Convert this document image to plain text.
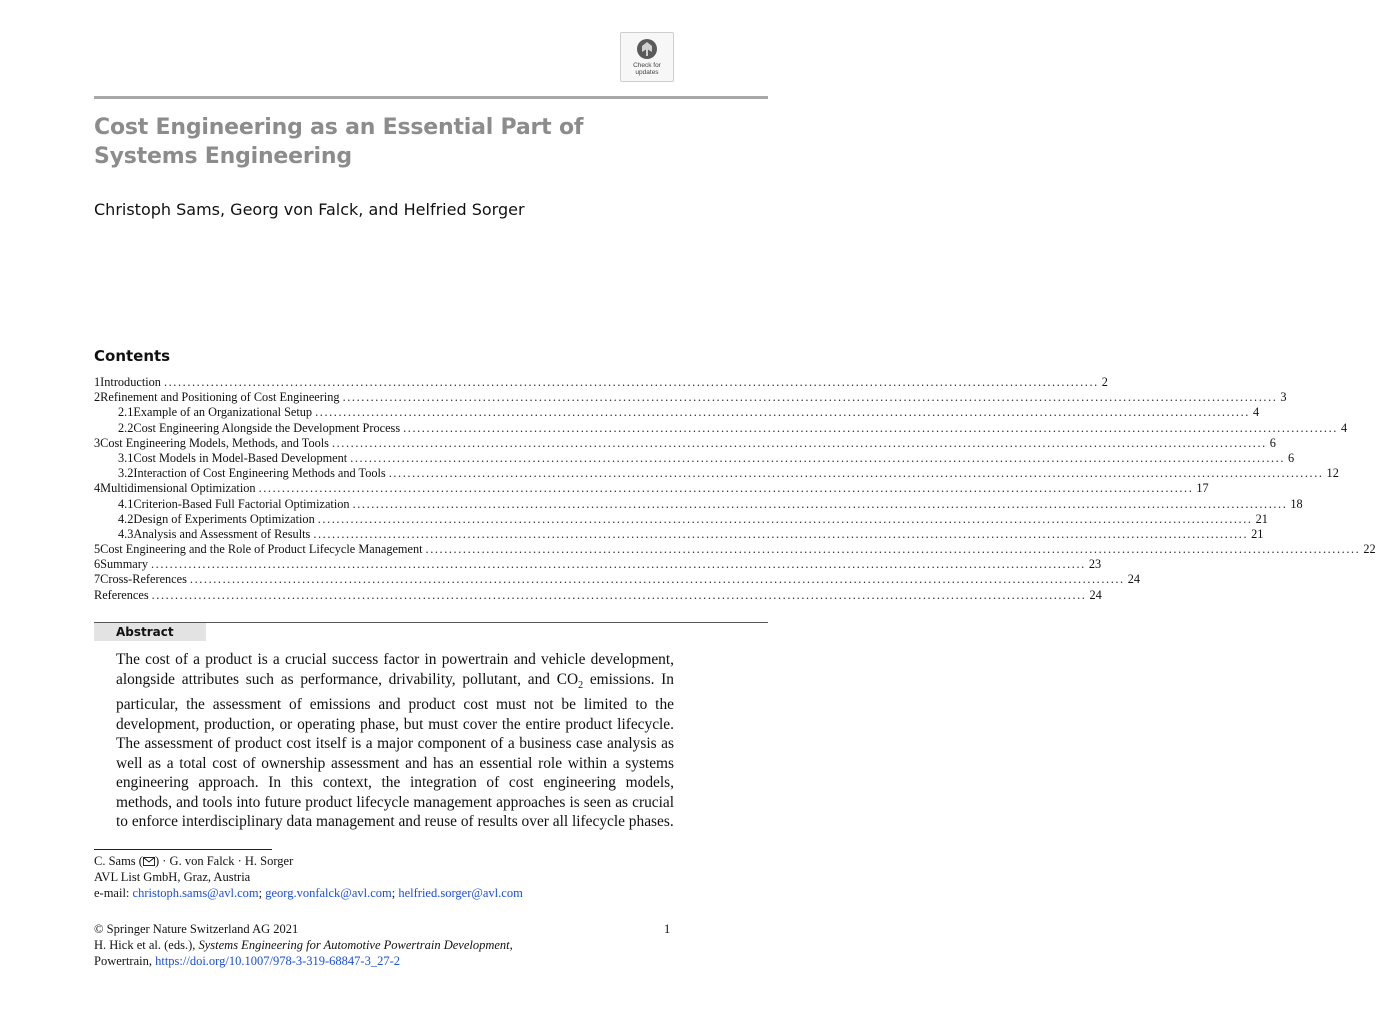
Check for
updates
Cost Engineering as an Essential Part of
Systems Engineering

Christoph Sams, Georg von Falck, and Helfried Sorger

Contents
1 Introduction ........................................................................................................................................................................................................ 2
2 Refinement and Positioning of Cost Engineering ........................................................................................................................................................................................................ 3
2.1 Example of an Organizational Setup ........................................................................................................................................................................................................ 4
2.2 Cost Engineering Alongside the Development Process ........................................................................................................................................................................................................ 4
3 Cost Engineering Models, Methods, and Tools ........................................................................................................................................................................................................ 6
3.1 Cost Models in Model-Based Development ........................................................................................................................................................................................................ 6
3.2 Interaction of Cost Engineering Methods and Tools ........................................................................................................................................................................................................ 12
4 Multidimensional Optimization ........................................................................................................................................................................................................ 17
4.1 Criterion-Based Full Factorial Optimization ........................................................................................................................................................................................................ 18
4.2 Design of Experiments Optimization ........................................................................................................................................................................................................ 21
4.3 Analysis and Assessment of Results ........................................................................................................................................................................................................ 21
5 Cost Engineering and the Role of Product Lifecycle Management ........................................................................................................................................................................................................ 22
6 Summary ........................................................................................................................................................................................................ 23
7 Cross-References ........................................................................................................................................................................................................ 24
References ........................................................................................................................................................................................................ 24
Abstract

The cost of a product is a crucial success factor in powertrain and vehicle development, alongside attributes such as performance, drivability, pollutant, and $CO_2$ emissions. In particular, the assessment of emissions and product cost must not be limited to the development, production, or operating phase, but must cover the entire product lifecycle. The assessment of product cost itself is a major component of a business case analysis as well as a total cost of ownership assessment and has an essential role within a systems engineering approach. In this context, the integration of cost engineering models, methods, and tools into future product lifecycle management approaches is seen as crucial to enforce interdisciplinary data management and reuse of results over all lifecycle phases.

C. Sams ( ) · G. von Falck · H. Sorger
AVL List GmbH, Graz, Austria
e-mail: christoph.sams@avl.com; georg.vonfalck@avl.com; helfried.sorger@avl.com
© Springer Nature Switzerland AG 2021
H. Hick et al. (eds.), Systems Engineering for Automotive Powertrain Development,
Powertrain, https://doi.org/10.1007/978-3-319-68847-3_27-2
1
